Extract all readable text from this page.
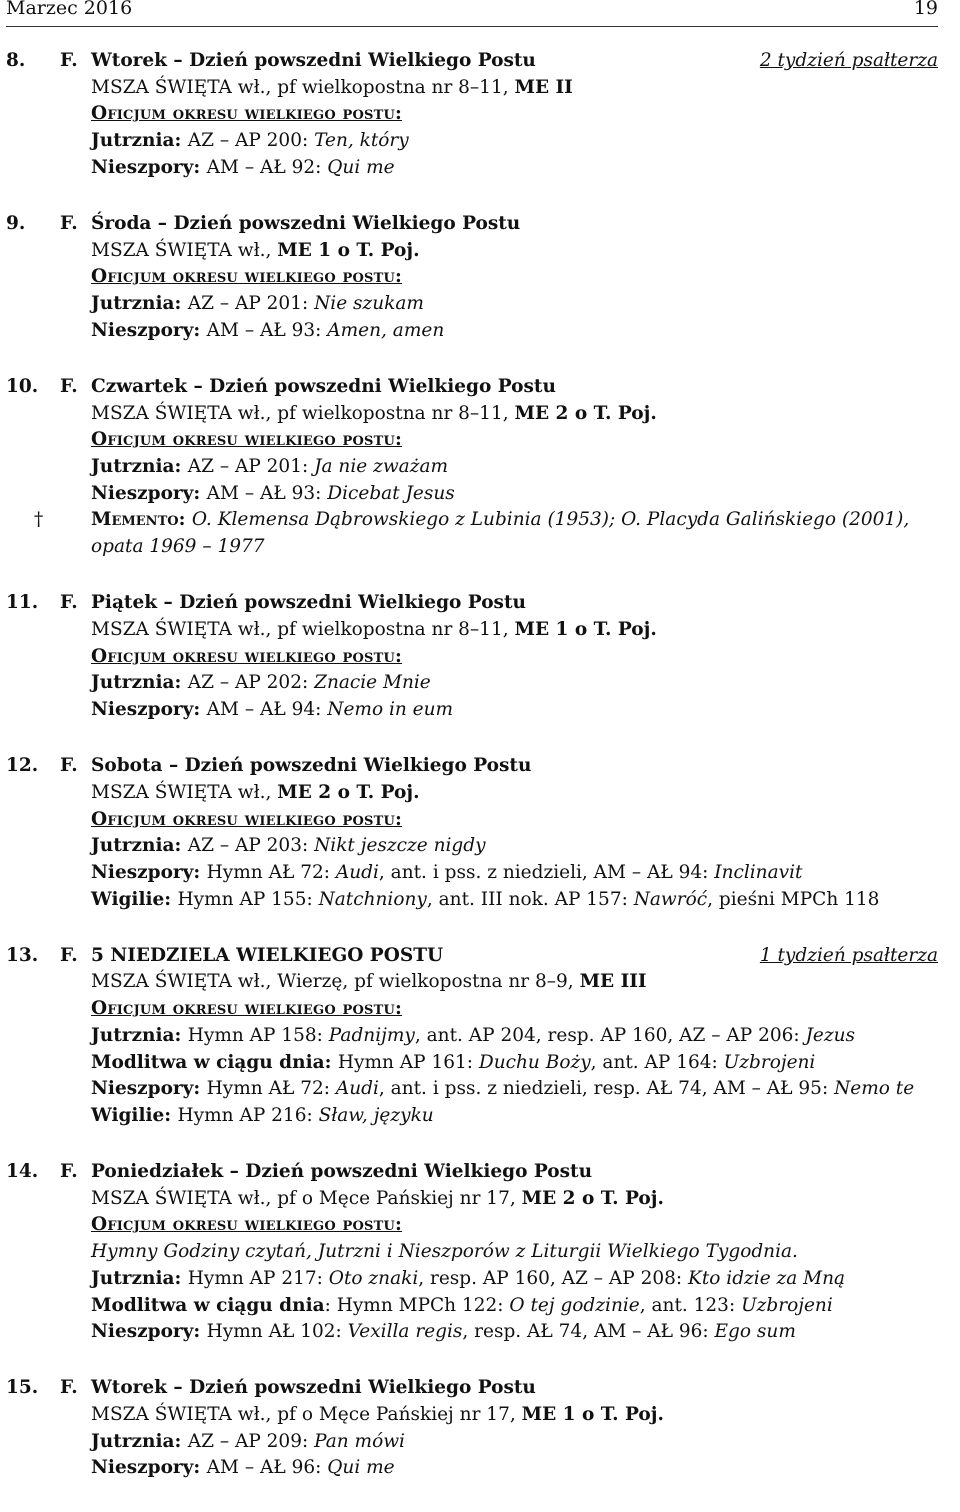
Marzec 2016	19
8. F. Wtorek – Dzień powszedni Wielkiego Postu	2 tydzień psałterza
MSZA ŚWIĘTA wł., pf wielkopostna nr 8–11, ME II
Oficjum okresu wielkiego postu:
Jutrznia: AZ – AP 200: Ten, który
Nieszpory: AM – AŁ 92: Qui me
9. F. Środa – Dzień powszedni Wielkiego Postu
MSZA ŚWIĘTA wł., ME 1 o T. Poj.
Oficjum okresu wielkiego postu:
Jutrznia: AZ – AP 201: Nie szukam
Nieszpory: AM – AŁ 93: Amen, amen
10. F. Czwartek – Dzień powszedni Wielkiego Postu
MSZA ŚWIĘTA wł., pf wielkopostna nr 8–11, ME 2 o T. Poj.
Oficjum okresu wielkiego postu:
Jutrznia: AZ – AP 201: Ja nie zważam
Nieszpory: AM – AŁ 93: Dicebat Jesus
†	Memento: O. Klemensa Dąbrowskiego z Lubinia (1953); O. Placyda Galińskiego (2001),
opata 1969 – 1977
11. F. Piątek – Dzień powszedni Wielkiego Postu
MSZA ŚWIĘTA wł., pf wielkopostna nr 8–11, ME 1 o T. Poj.
Oficjum okresu wielkiego postu:
Jutrznia: AZ – AP 202: Znacie Mnie
Nieszpory: AM – AŁ 94: Nemo in eum
12. F. Sobota – Dzień powszedni Wielkiego Postu
MSZA ŚWIĘTA wł., ME 2 o T. Poj.
Oficjum okresu wielkiego postu:
Jutrznia: AZ – AP 203: Nikt jeszcze nigdy
Nieszpory: Hymn AŁ 72: Audi, ant. i pss. z niedzieli, AM – AŁ 94: Inclinavit
Wigilie: Hymn AP 155: Natchniony, ant. III nok. AP 157: Nawróć, pieśni MPCh 118
13. F. 5 NIEDZIELA WIELKIEGO POSTU	1 tydzień psałterza
MSZA ŚWIĘTA wł., Wierzę, pf wielkopostna nr 8–9, ME III
Oficjum okresu wielkiego postu:
Jutrznia: Hymn AP 158: Padnijmy, ant. AP 204, resp. AP 160, AZ – AP 206: Jezus
Modlitwa w ciągu dnia: Hymn AP 161: Duchu Boży, ant. AP 164: Uzbrojeni
Nieszpory: Hymn AŁ 72: Audi, ant. i pss. z niedzieli, resp. AŁ 74, AM – AŁ 95: Nemo te
Wigilie: Hymn AP 216: Sław, języku
14. F. Poniedziałek – Dzień powszedni Wielkiego Postu
MSZA ŚWIĘTA wł., pf o Męce Pańskiej nr 17, ME 2 o T. Poj.
Oficjum okresu wielkiego postu:
Hymny Godziny czytań, Jutrzni i Nieszporów z Liturgii Wielkiego Tygodnia.
Jutrznia: Hymn AP 217: Oto znaki, resp. AP 160, AZ – AP 208: Kto idzie za Mną
Modlitwa w ciągu dnia: Hymn MPCh 122: O tej godzinie, ant. 123: Uzbrojeni
Nieszpory: Hymn AŁ 102: Vexilla regis, resp. AŁ 74, AM – AŁ 96: Ego sum
15. F. Wtorek – Dzień powszedni Wielkiego Postu
MSZA ŚWIĘTA wł., pf o Męce Pańskiej nr 17, ME 1 o T. Poj.
Jutrznia: AZ – AP 209: Pan mówi
Nieszpory: AM – AŁ 96: Qui me
